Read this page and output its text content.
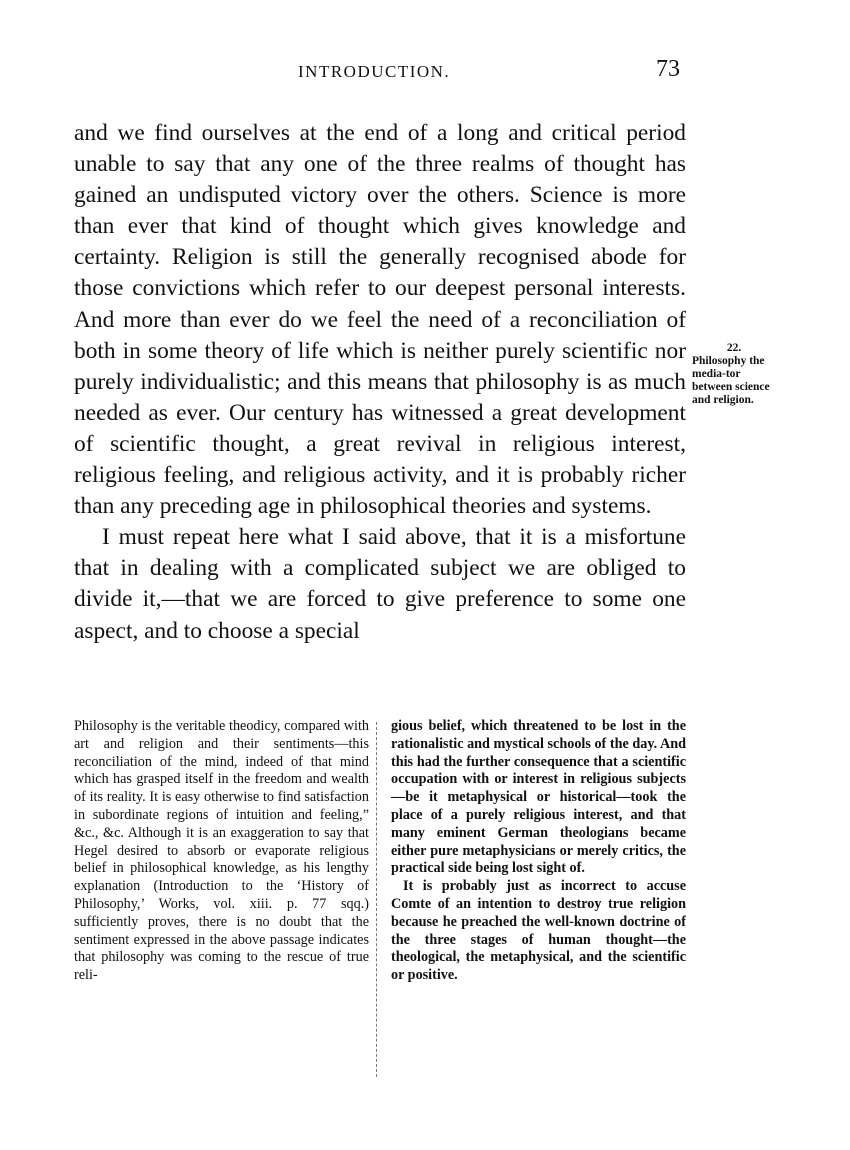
INTRODUCTION.	73

and we find ourselves at the end of a long and critical period unable to say that any one of the three realms of thought has gained an undisputed victory over the others. Science is more than ever that kind of thought which gives knowledge and certainty. Religion is still the generally recognised abode for those convictions which refer to our deepest personal interests. And more than ever do we feel the need of a reconciliation of both in some theory of life which is neither purely scientific nor purely individualistic; and this means that philosophy is as much needed as ever. Our century has witnessed a great development of scientific thought, a great revival in religious interest, religious feeling, and religious activity, and it is probably richer than any preceding age in philosophical theories and systems.

I must repeat here what I said above, that it is a misfortune that in dealing with a complicated subject we are obliged to divide it,—that we are forced to give preference to some one aspect, and to choose a special

22.
Philosophy the media-tor between science and religion.

Philosophy is the veritable theodicy, compared with art and religion and their sentiments—this reconciliation of the mind, indeed of that mind which has grasped itself in the freedom and wealth of its reality. It is easy otherwise to find satisfaction in subordinate regions of intuition and feeling,” &c., &c. Although it is an exaggeration to say that Hegel desired to absorb or evaporate religious belief in philosophical knowledge, as his lengthy explanation (Introduction to the ‘History of Philosophy,’ Works, vol. xiii. p. 77 sqq.) sufficiently proves, there is no doubt that the sentiment expressed in the above passage indicates that philosophy was coming to the rescue of true reli-

gious belief, which threatened to be lost in the rationalistic and mystical schools of the day. And this had the further consequence that a scientific occupation with or interest in religious subjects—be it metaphysical or historical—took the place of a purely religious interest, and that many eminent German theologians became either pure metaphysicians or merely critics, the practical side being lost sight of.

It is probably just as incorrect to accuse Comte of an intention to destroy true religion because he preached the well-known doctrine of the three stages of human thought—the theological, the metaphysical, and the scientific or positive.
